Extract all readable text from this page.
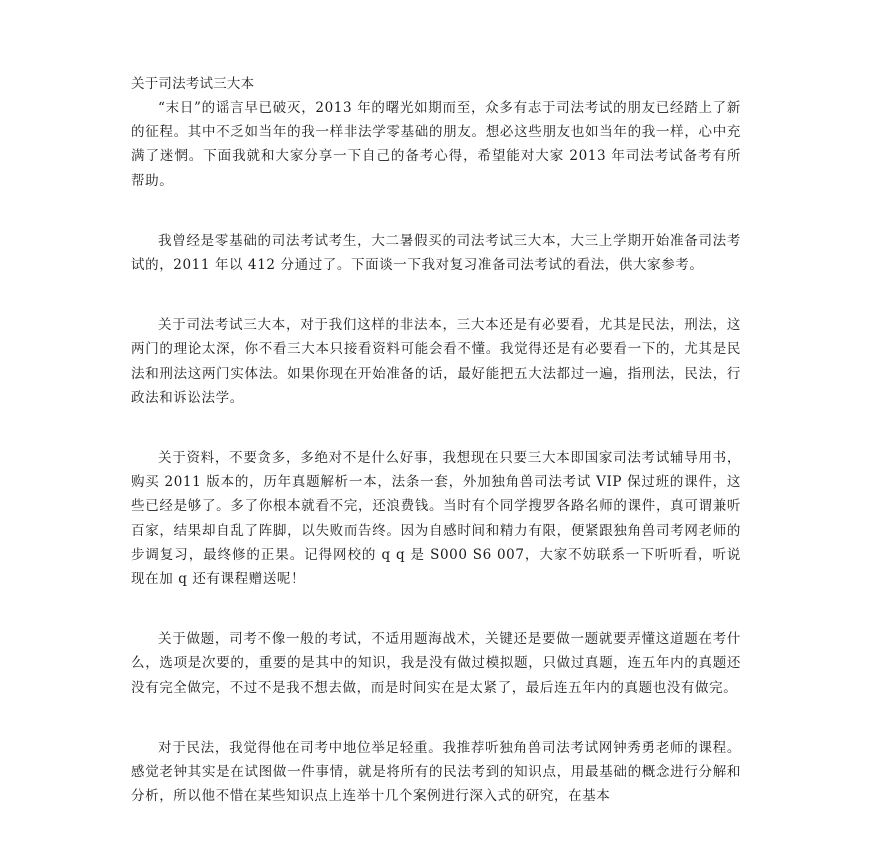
关于司法考试三大本

“末日”的谣言早已破灭，2013 年的曙光如期而至，众多有志于司法考试的朋友已经踏上了新的征程。其中不乏如当年的我一样非法学零基础的朋友。想必这些朋友也如当年的我一样，心中充满了迷惘。下面我就和大家分享一下自己的备考心得，希望能对大家 2013 年司法考试备考有所帮助。

我曾经是零基础的司法考试考生，大二暑假买的司法考试三大本，大三上学期开始准备司法考试的，2011 年以 412 分通过了。下面谈一下我对复习准备司法考试的看法，供大家参考。

关于司法考试三大本，对于我们这样的非法本，三大本还是有必要看，尤其是民法，刑法，这两门的理论太深，你不看三大本只接看资料可能会看不懂。我觉得还是有必要看一下的，尤其是民法和刑法这两门实体法。如果你现在开始准备的话，最好能把五大法都过一遍，指刑法，民法，行政法和诉讼法学。

关于资料，不要贪多，多绝对不是什么好事，我想现在只要三大本即国家司法考试辅导用书，购买 2011 版本的，历年真题解析一本，法条一套，外加独角兽司法考试 VIP 保过班的课件，这些已经是够了。多了你根本就看不完，还浪费钱。当时有个同学搜罗各路名师的课件，真可谓兼听百家，结果却自乱了阵脚，以失败而告终。因为自感时间和精力有限，便紧跟独角兽司考网老师的步调复习，最终修的正果。记得网校的 q q 是 S000 S6 007，大家不妨联系一下听听看，听说现在加 q 还有课程赠送呢！

关于做题，司考不像一般的考试，不适用题海战术，关键还是要做一题就要弄懂这道题在考什么，选项是次要的，重要的是其中的知识，我是没有做过模拟题，只做过真题，连五年内的真题还没有完全做完，不过不是我不想去做，而是时间实在是太紧了，最后连五年内的真题也没有做完。

对于民法，我觉得他在司考中地位举足轻重。我推荐听独角兽司法考试网钟秀勇老师的课程。感觉老钟其实是在试图做一件事情，就是将所有的民法考到的知识点，用最基础的概念进行分解和分析，所以他不惜在某些知识点上连举十几个案例进行深入式的研究，在基本
